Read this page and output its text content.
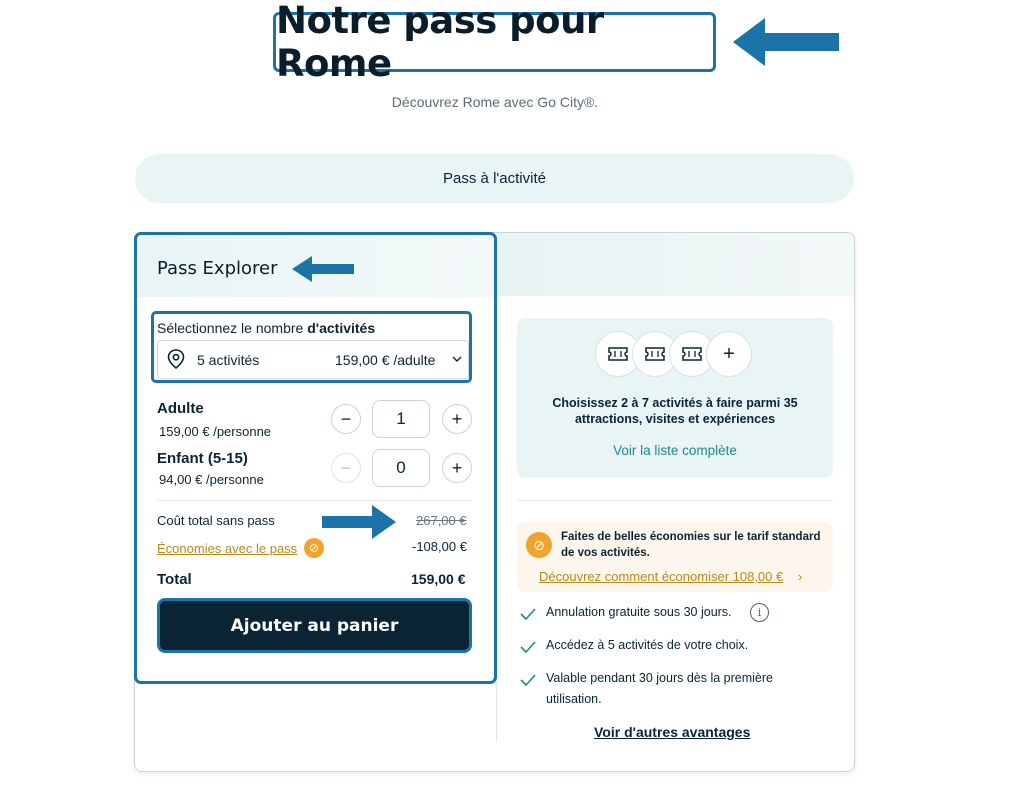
Notre pass pour Rome
Découvrez Rome avec Go City®.
Pass à l'activité
Pass Explorer
Sélectionnez le nombre d'activités
5 activités	159,00 € /adulte
Adulte
159,00 € /personne
−	1	+
Enfant (5-15)
94,00 € /personne
−	0	+
Coût total sans pass	267,00 €
Économies avec le pass ⊘	-108,00 €
Total	159,00 €
Ajouter au panier
+
Choisissez 2 à 7 activités à faire parmi 35 attractions, visites et expériences
Voir la liste complète
⊘	Faites de belles économies sur le tarif standard de vos activités.
Découvrez comment économiser 108,00 € ›
Annulation gratuite sous 30 jours.	i
Accédez à 5 activités de votre choix.
Valable pendant 30 jours dès la première utilisation.
Voir d'autres avantages
